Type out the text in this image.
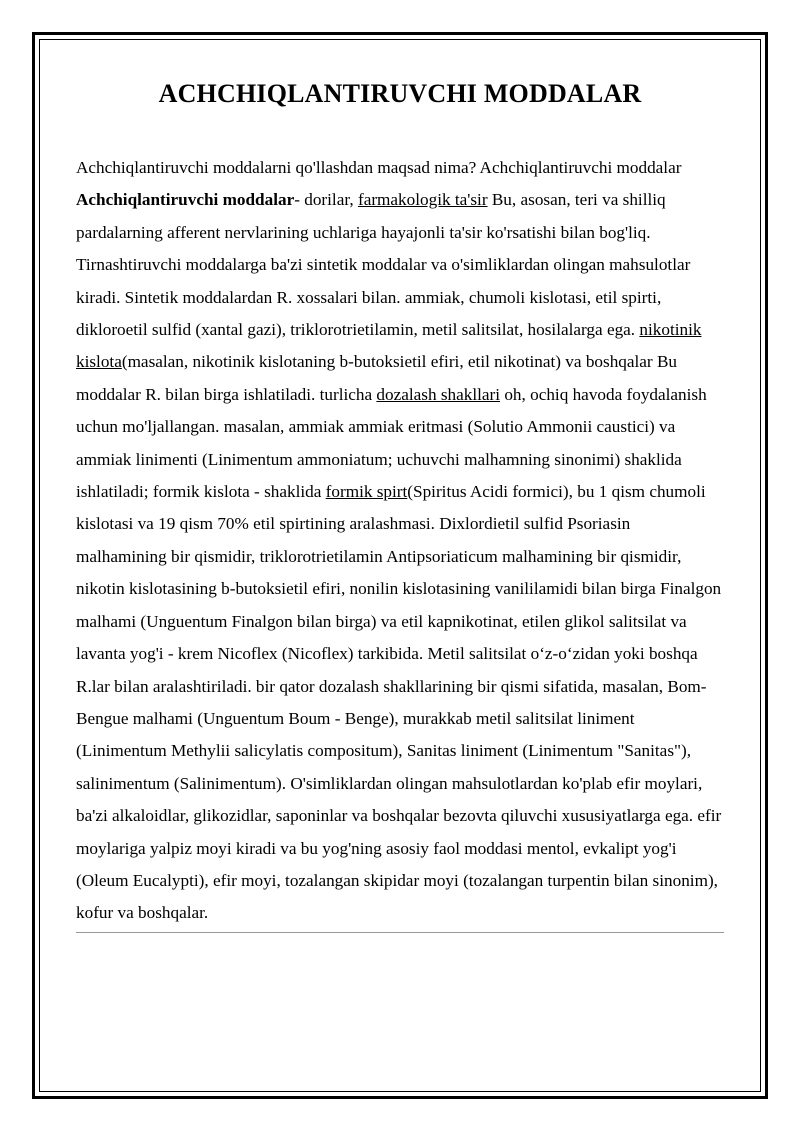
ACHCHIQLANTIRUVCHI MODDALAR

Achchiqlantiruvchi moddalarni qo'llashdan maqsad nima? Achchiqlantiruvchi moddalar

Achchiqlantiruvchi moddalar- dorilar, farmakologik ta'sir Bu, asosan, teri va shilliq pardalarning afferent nervlarining uchlariga hayajonli ta'sir ko'rsatishi bilan bog'liq. Tirnashtiruvchi moddalarga ba'zi sintetik moddalar va o'simliklardan olingan mahsulotlar kiradi. Sintetik moddalardan R. xossalari bilan. ammiak, chumoli kislotasi, etil spirti, dikloroetil sulfid (xantal gazi), triklorotrietilamin, metil salitsilat, hosilalarga ega. nikotinik kislota(masalan, nikotinik kislotaning b-butoksietil efiri, etil nikotinat) va boshqalar Bu moddalar R. bilan birga ishlatiladi. turlicha dozalash shakllari oh, ochiq havoda foydalanish uchun mo'ljallangan. masalan, ammiak ammiak eritmasi (Solutio Ammonii caustici) va ammiak linimenti (Linimentum ammoniatum; uchuvchi malhamning sinonimi) shaklida ishlatiladi; formik kislota - shaklida formik spirt(Spiritus Acidi formici), bu 1 qism chumoli kislotasi va 19 qism 70% etil spirtining aralashmasi. Dixlordietil sulfid Psoriasin malhamining bir qismidir, triklorotrietilamin Antipsoriaticum malhamining bir qismidir, nikotin kislotasining b-butoksietil efiri, nonilin kislotasining vanililamidi bilan birga Finalgon malhami (Unguentum Finalgon bilan birga) va etil kapnikotinat, etilen glikol salitsilat va lavanta yog'i - krem Nicoflex (Nicoflex) tarkibida. Metil salitsilat oʻz-oʻzidan yoki boshqa R.lar bilan aralashtiriladi. bir qator dozalash shakllarining bir qismi sifatida, masalan, Bom-Bengue malhami (Unguentum Boum - Benge), murakkab metil salitsilat liniment (Linimentum Methylii salicylatis compositum), Sanitas liniment (Linimentum "Sanitas"), salinimentum (Salinimentum). O'simliklardan olingan mahsulotlardan ko'plab efir moylari, ba'zi alkaloidlar, glikozidlar, saponinlar va boshqalar bezovta qiluvchi xususiyatlarga ega. efir moylariga yalpiz moyi kiradi va bu yog'ning asosiy faol moddasi mentol, evkalipt yog'i (Oleum Eucalypti), efir moyi, tozalangan skipidar moyi (tozalangan turpentin bilan sinonim), kofur va boshqalar.
